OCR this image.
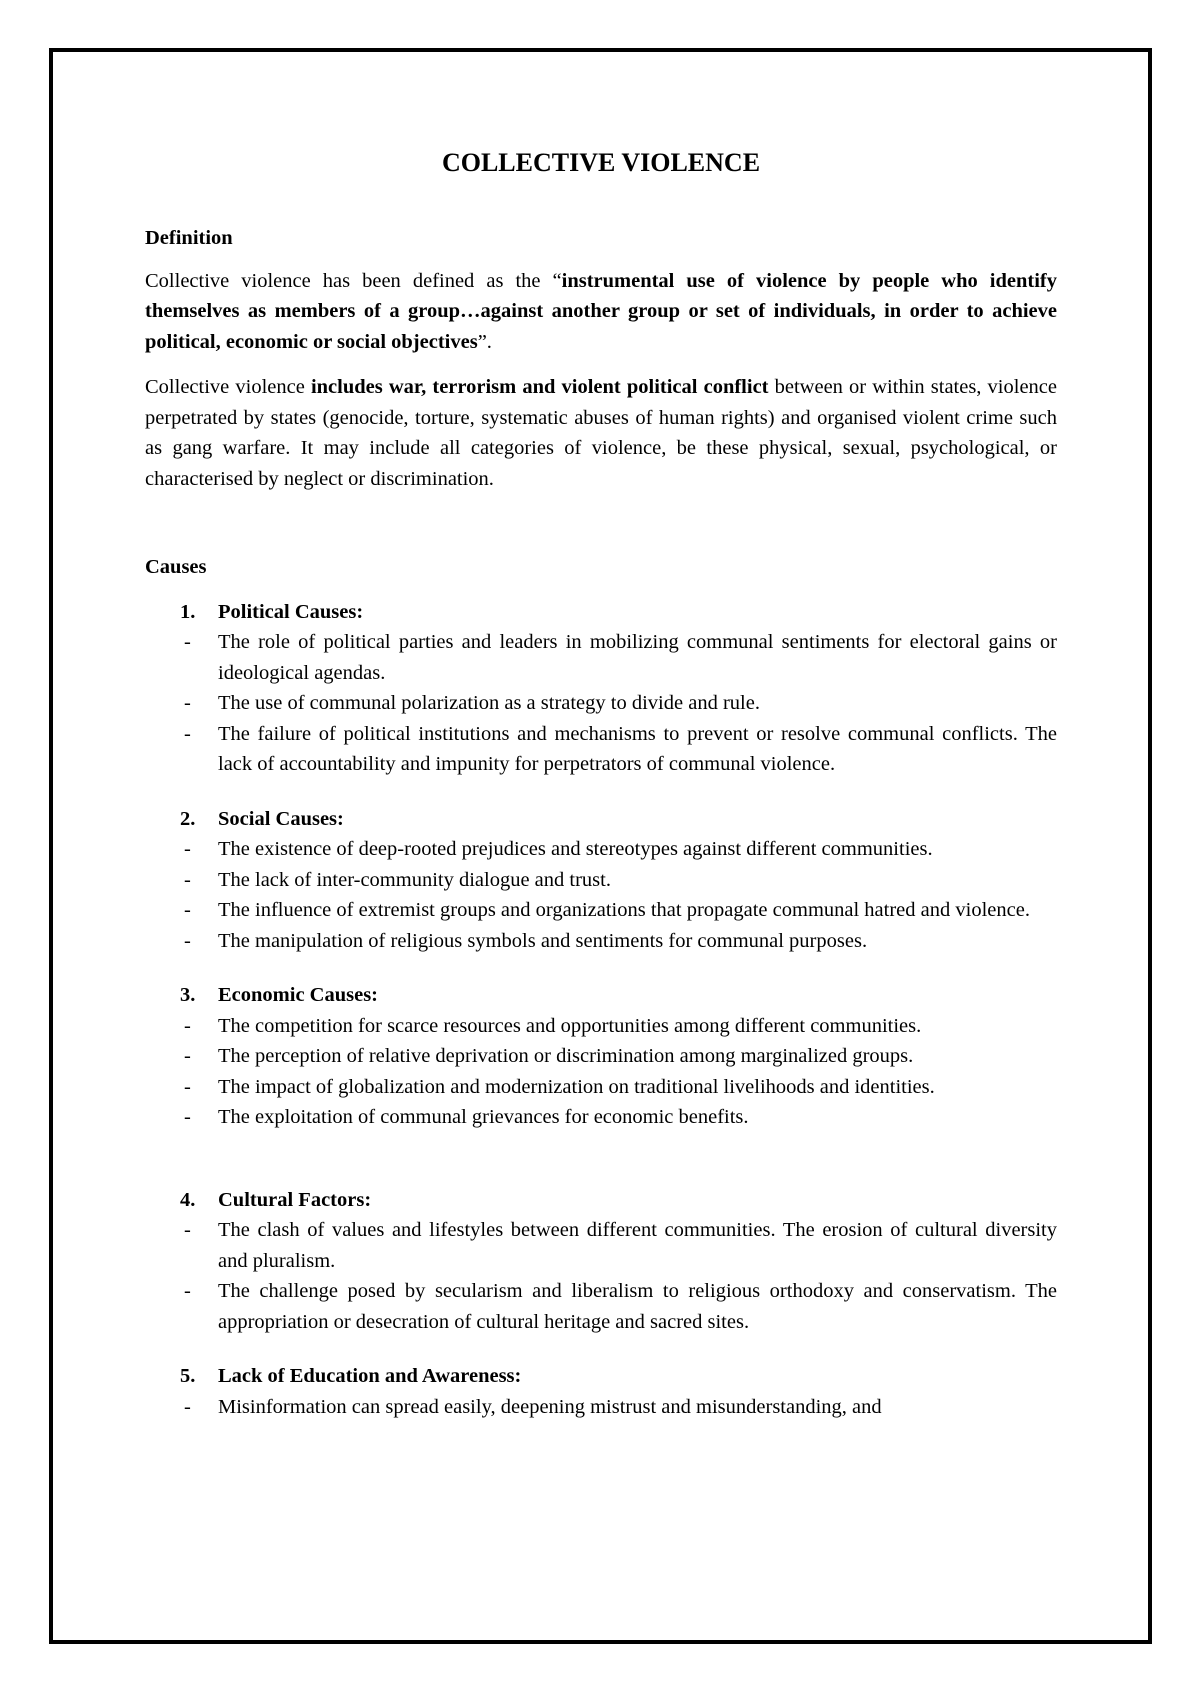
COLLECTIVE VIOLENCE
Definition

Collective violence has been defined as the “instrumental use of violence by people who identify themselves as members of a group…against another group or set of individuals, in order to achieve political, economic or social objectives”.

Collective violence includes war, terrorism and violent political conflict between or within states, violence perpetrated by states (genocide, torture, systematic abuses of human rights) and organised violent crime such as gang warfare. It may include all categories of violence, be these physical, sexual, psychological, or characterised by neglect or discrimination.

Causes
1. Political Causes:
- The role of political parties and leaders in mobilizing communal sentiments for electoral gains or ideological agendas.
- The use of communal polarization as a strategy to divide and rule.
- The failure of political institutions and mechanisms to prevent or resolve communal conflicts. The lack of accountability and impunity for perpetrators of communal violence.
2. Social Causes:
- The existence of deep-rooted prejudices and stereotypes against different communities.
- The lack of inter-community dialogue and trust.
- The influence of extremist groups and organizations that propagate communal hatred and violence.
- The manipulation of religious symbols and sentiments for communal purposes.
3. Economic Causes:
- The competition for scarce resources and opportunities among different communities.
- The perception of relative deprivation or discrimination among marginalized groups.
- The impact of globalization and modernization on traditional livelihoods and identities.
- The exploitation of communal grievances for economic benefits.
4. Cultural Factors:
- The clash of values and lifestyles between different communities. The erosion of cultural diversity and pluralism.
- The challenge posed by secularism and liberalism to religious orthodoxy and conservatism. The appropriation or desecration of cultural heritage and sacred sites.
5. Lack of Education and Awareness:
- Misinformation can spread easily, deepening mistrust and misunderstanding, and
